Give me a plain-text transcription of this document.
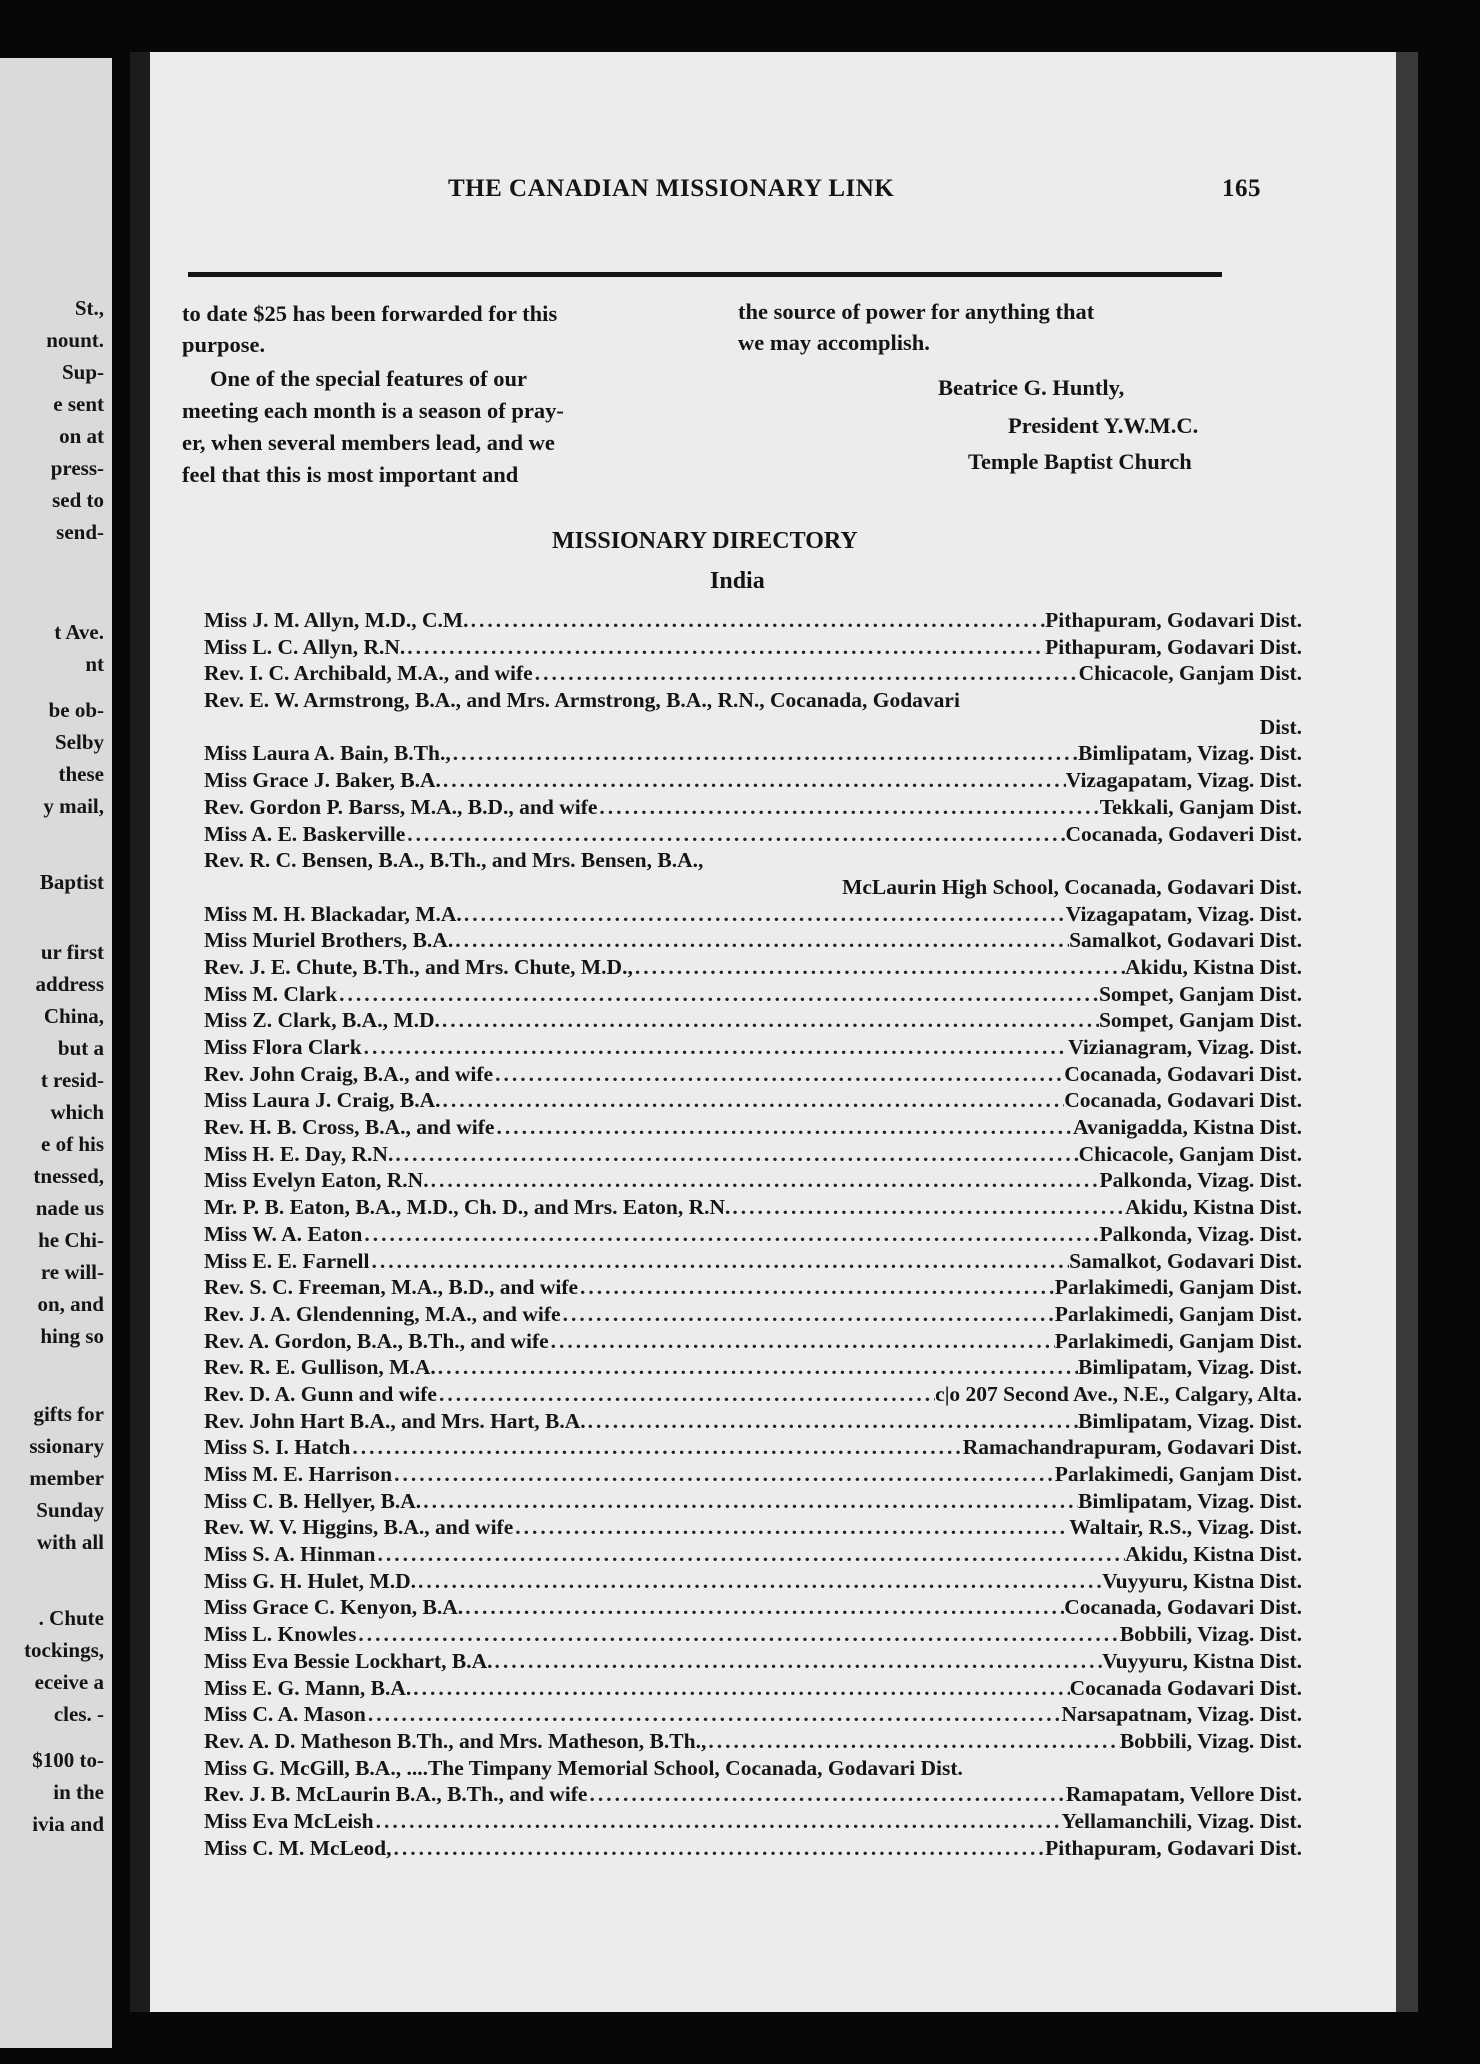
St.,
nount.
Sup-
e sent
on at
press-
sed to
send-
t Ave.
nt
be ob-
Selby
these
y mail,
Baptist
ur first
address
China,
but a
t resid-
which
e of his
tnessed,
nade us
he Chi-
re will-
on, and
hing so
gifts for
ssionary
member
Sunday
with all
. Chute
tockings,
eceive a
cles. -
$100 to-
in the
ivia and
THE CANADIAN MISSIONARY LINK	165
to date $25 has been forwarded for this
purpose.
One of the special features of our
meeting each month is a season of pray-
er, when several members lead, and we
feel that this is most important and
the source of power for anything that
we may accomplish.
Beatrice G. Huntly,
President Y.W.M.C.
Temple Baptist Church
MISSIONARY DIRECTORY
India
Miss J. M. Allyn, M.D., C.M. .....	Pithapuram, Godavari Dist.
Miss L. C. Allyn, R.N. .....	Pithapuram, Godavari Dist.
Rev. I. C. Archibald, M.A., and wife .....	Chicacole, Ganjam Dist.
Rev. E. W. Armstrong, B.A., and Mrs. Armstrong, B.A., R.N., Cocanada, Godavari
Dist.
Miss Laura A. Bain, B.Th., .....	Bimlipatam, Vizag. Dist.
Miss Grace J. Baker, B.A. .....	Vizagapatam, Vizag. Dist.
Rev. Gordon P. Barss, M.A., B.D., and wife .....	Tekkali, Ganjam Dist.
Miss A. E. Baskerville .....	Cocanada, Godaveri Dist.
Rev. R. C. Bensen, B.A., B.Th., and Mrs. Bensen, B.A.,
McLaurin High School, Cocanada, Godavari Dist.
Miss M. H. Blackadar, M.A. .....	Vizagapatam, Vizag. Dist.
Miss Muriel Brothers, B.A. .....	Samalkot, Godavari Dist.
Rev. J. E. Chute, B.Th., and Mrs. Chute, M.D., .....	Akidu, Kistna Dist.
Miss M. Clark .....	Sompet, Ganjam Dist.
Miss Z. Clark, B.A., M.D. .....	Sompet, Ganjam Dist.
Miss Flora Clark .....	Vizianagram, Vizag. Dist.
Rev. John Craig, B.A., and wife .....	Cocanada, Godavari Dist.
Miss Laura J. Craig, B.A. .....	Cocanada, Godavari Dist.
Rev. H. B. Cross, B.A., and wife .....	Avanigadda, Kistna Dist.
Miss H. E. Day, R.N. .....	Chicacole, Ganjam Dist.
Miss Evelyn Eaton, R.N. .....	Palkonda, Vizag. Dist.
Mr. P. B. Eaton, B.A., M.D., Ch. D., and Mrs. Eaton, R.N. .....	Akidu, Kistna Dist.
Miss W. A. Eaton .....	Palkonda, Vizag. Dist.
Miss E. E. Farnell .....	Samalkot, Godavari Dist.
Rev. S. C. Freeman, M.A., B.D., and wife .....	Parlakimedi, Ganjam Dist.
Rev. J. A. Glendenning, M.A., and wife .....	Parlakimedi, Ganjam Dist.
Rev. A. Gordon, B.A., B.Th., and wife .....	Parlakimedi, Ganjam Dist.
Rev. R. E. Gullison, M.A. .....	Bimlipatam, Vizag. Dist.
Rev. D. A. Gunn and wife .....	c|o 207 Second Ave., N.E., Calgary, Alta.
Rev. John Hart B.A., and Mrs. Hart, B.A. .....	Bimlipatam, Vizag. Dist.
Miss S. I. Hatch .....	Ramachandrapuram, Godavari Dist.
Miss M. E. Harrison .....	Parlakimedi, Ganjam Dist.
Miss C. B. Hellyer, B.A. .....	Bimlipatam, Vizag. Dist.
Rev. W. V. Higgins, B.A., and wife .....	Waltair, R.S., Vizag. Dist.
Miss S. A. Hinman .....	Akidu, Kistna Dist.
Miss G. H. Hulet, M.D. .....	Vuyyuru, Kistna Dist.
Miss Grace C. Kenyon, B.A. .....	Cocanada, Godavari Dist.
Miss L. Knowles .....	Bobbili, Vizag. Dist.
Miss Eva Bessie Lockhart, B.A. .....	Vuyyuru, Kistna Dist.
Miss E. G. Mann, B.A. .....	Cocanada Godavari Dist.
Miss C. A. Mason .....	Narsapatnam, Vizag. Dist.
Rev. A. D. Matheson B.Th., and Mrs. Matheson, B.Th., .....	Bobbili, Vizag. Dist.
Miss G. McGill, B.A., ....The Timpany Memorial School, Cocanada, Godavari Dist.
Rev. J. B. McLaurin B.A., B.Th., and wife .....	Ramapatam, Vellore Dist.
Miss Eva McLeish .....	Yellamanchili, Vizag. Dist.
Miss C. M. McLeod, .....	Pithapuram, Godavari Dist.
